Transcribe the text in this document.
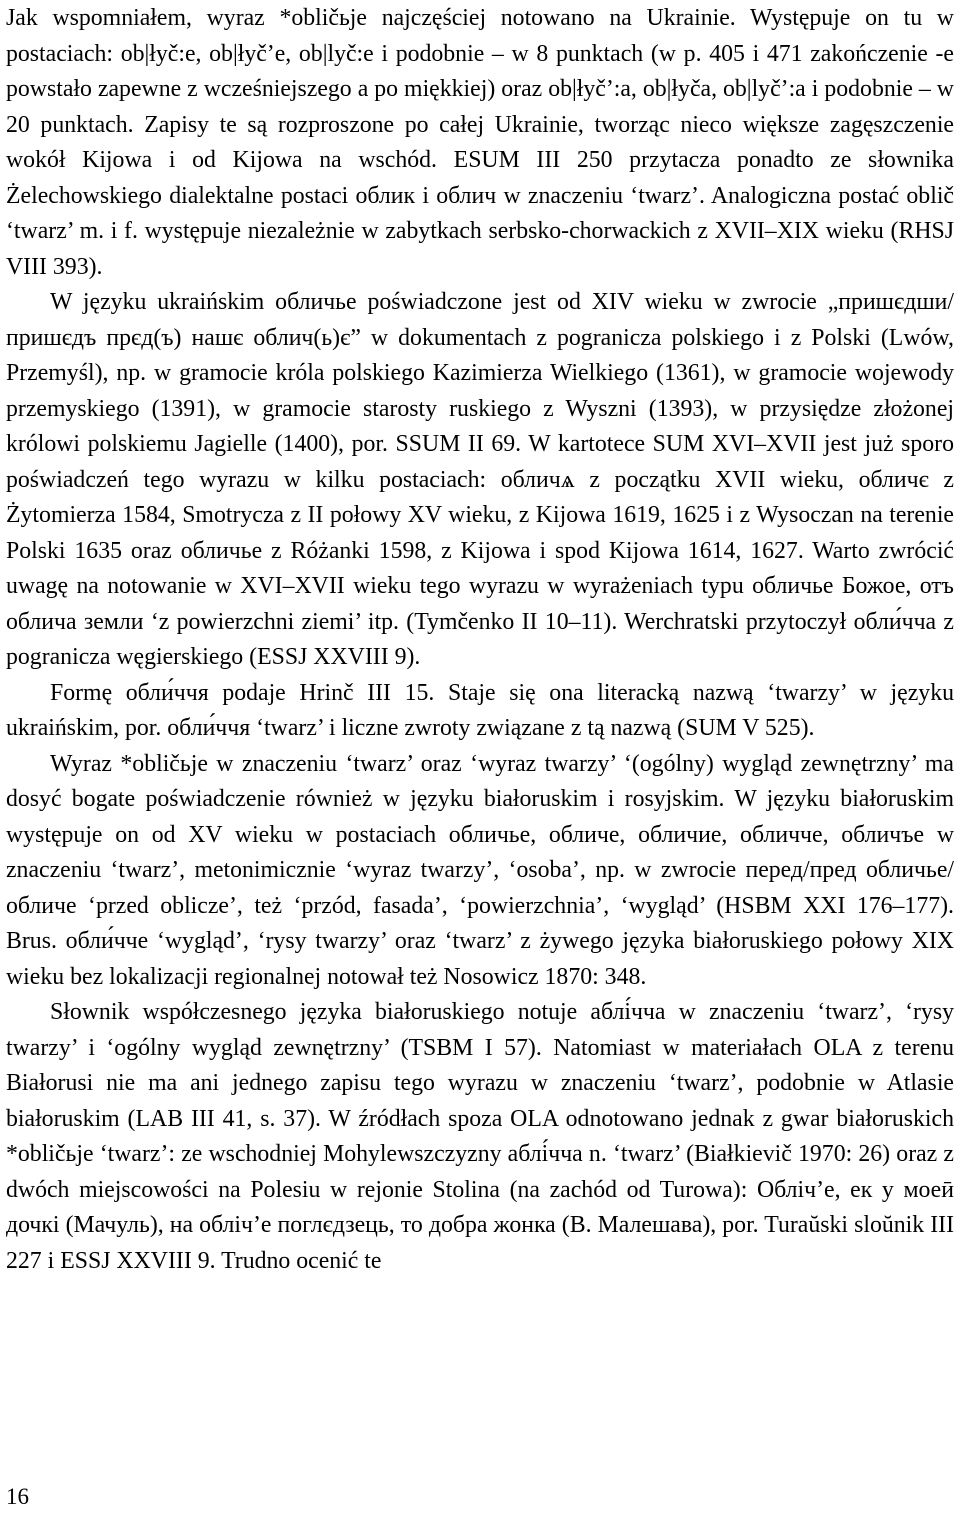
Jak wspomniałem, wyraz *obličьje najczęściej notowano na Ukrainie. Występuje on tu w postaciach: ob|łyč:e, ob|łyč’e, ob|lyč:e i podobnie – w 8 punktach (w p. 405 i 471 zakończenie -e powstało zapewne z wcześniejszego a po miękkiej) oraz ob|łyč’:a, ob|łyča, ob|lyč’:a i podobnie – w 20 punktach. Zapisy te są rozproszone po całej Ukrainie, tworząc nieco większe zagęszczenie wokół Kijowa i od Kijowa na wschód. ESUM III 250 przytacza ponadto ze słownika Żelechowskiego dialektalne postaci облик i облич w znaczeniu ‘twarz’. Analogiczna postać oblič ‘twarz’ m. i f. występuje niezależnie w zabytkach serbsko-chorwackich z XVII–XIX wieku (RHSJ VIII 393).

W języku ukraińskim обличье poświadczone jest od XIV wieku w zwrocie „пришєдши/пришєдъ прєд(ъ) нашє облич(ь)є” w dokumentach z pogranicza polskiego i z Polski (Lwów, Przemyśl), np. w gramocie króla polskiego Kazimierza Wielkiego (1361), w gramocie wojewody przemyskiego (1391), w gramocie starosty ruskiego z Wyszni (1393), w przysiędze złożonej królowi polskiemu Jagielle (1400), por. SSUM II 69. W kartotece SUM XVI–XVII jest już sporo poświadczeń tego wyrazu w kilku postaciach: обличѧ z początku XVII wieku, обличє z Żytomierza 1584, Smotrycza z II połowy XV wieku, z Kijowa 1619, 1625 i z Wysoczan na terenie Polski 1635 oraz обличье z Różanki 1598, z Kijowa i spod Kijowa 1614, 1627. Warto zwrócić uwagę na notowanie w XVI–XVII wieku tego wyrazu w wyrażeniach typu обличье Божое, отъ облича земли ‘z powierzchni ziemi’ itp. (Tymčenko II 10–11). Werchratski przytoczył обли́чча z pogranicza węgierskiego (ESSJ XXVIII 9).

Formę обли́ччя podaje Hrinč III 15. Staje się ona literacką nazwą ‘twarzy’ w języku ukraińskim, por. обли́ччя ‘twarz’ i liczne zwroty związane z tą nazwą (SUM V 525).

Wyraz *obličьje w znaczeniu ‘twarz’ oraz ‘wyraz twarzy’ ‘(ogólny) wygląd zewnętrzny’ ma dosyć bogate poświadczenie również w języku białoruskim i rosyjskim. W języku białoruskim występuje on od XV wieku w postaciach обличье, обличе, обличие, обличче, обличъе w znaczeniu ‘twarz’, metonimicznie ‘wyraz twarzy’, ‘osoba’, np. w zwrocie перед/пред обличье/обличе ‘przed oblicze’, też ‘przód, fasada’, ‘powierzchnia’, ‘wygląd’ (HSBM XXI 176–177). Brus. обли́чче ‘wygląd’, ‘rysy twarzy’ oraz ‘twarz’ z żywego języka białoruskiego połowy XIX wieku bez lokalizacji regionalnej notował też Nosowicz 1870: 348.

Słownik współczesnego języka białoruskiego notuje аблі́ччa w znaczeniu ‘twarz’, ‘rysy twarzy’ i ‘ogólny wygląd zewnętrzny’ (TSBM I 57). Natomiast w materiałach OLA z terenu Białorusi nie ma ani jednego zapisu tego wyrazu w znaczeniu ‘twarz’, podobnie w Atlasie białoruskim (LAB III 41, s. 37). W źródłach spoza OLA odnotowano jednak z gwar białoruskich *obličьje ‘twarz’: ze wschodniej Mohylewszczyzny аблі́ччa n. ‘twarz’ (Białkievič 1970: 26) oraz z dwóch miejscowości na Polesiu w rejonie Stolina (na zachód od Turowa): Обліч’е, ек у моеӣ дочкі (Мачуль), на обліч’е поглєдзець, то добра жонка (В. Малешава), por. Turaŭski sloŭnik III 227 i ESSJ XXVIII 9. Trudno ocenić te

16
